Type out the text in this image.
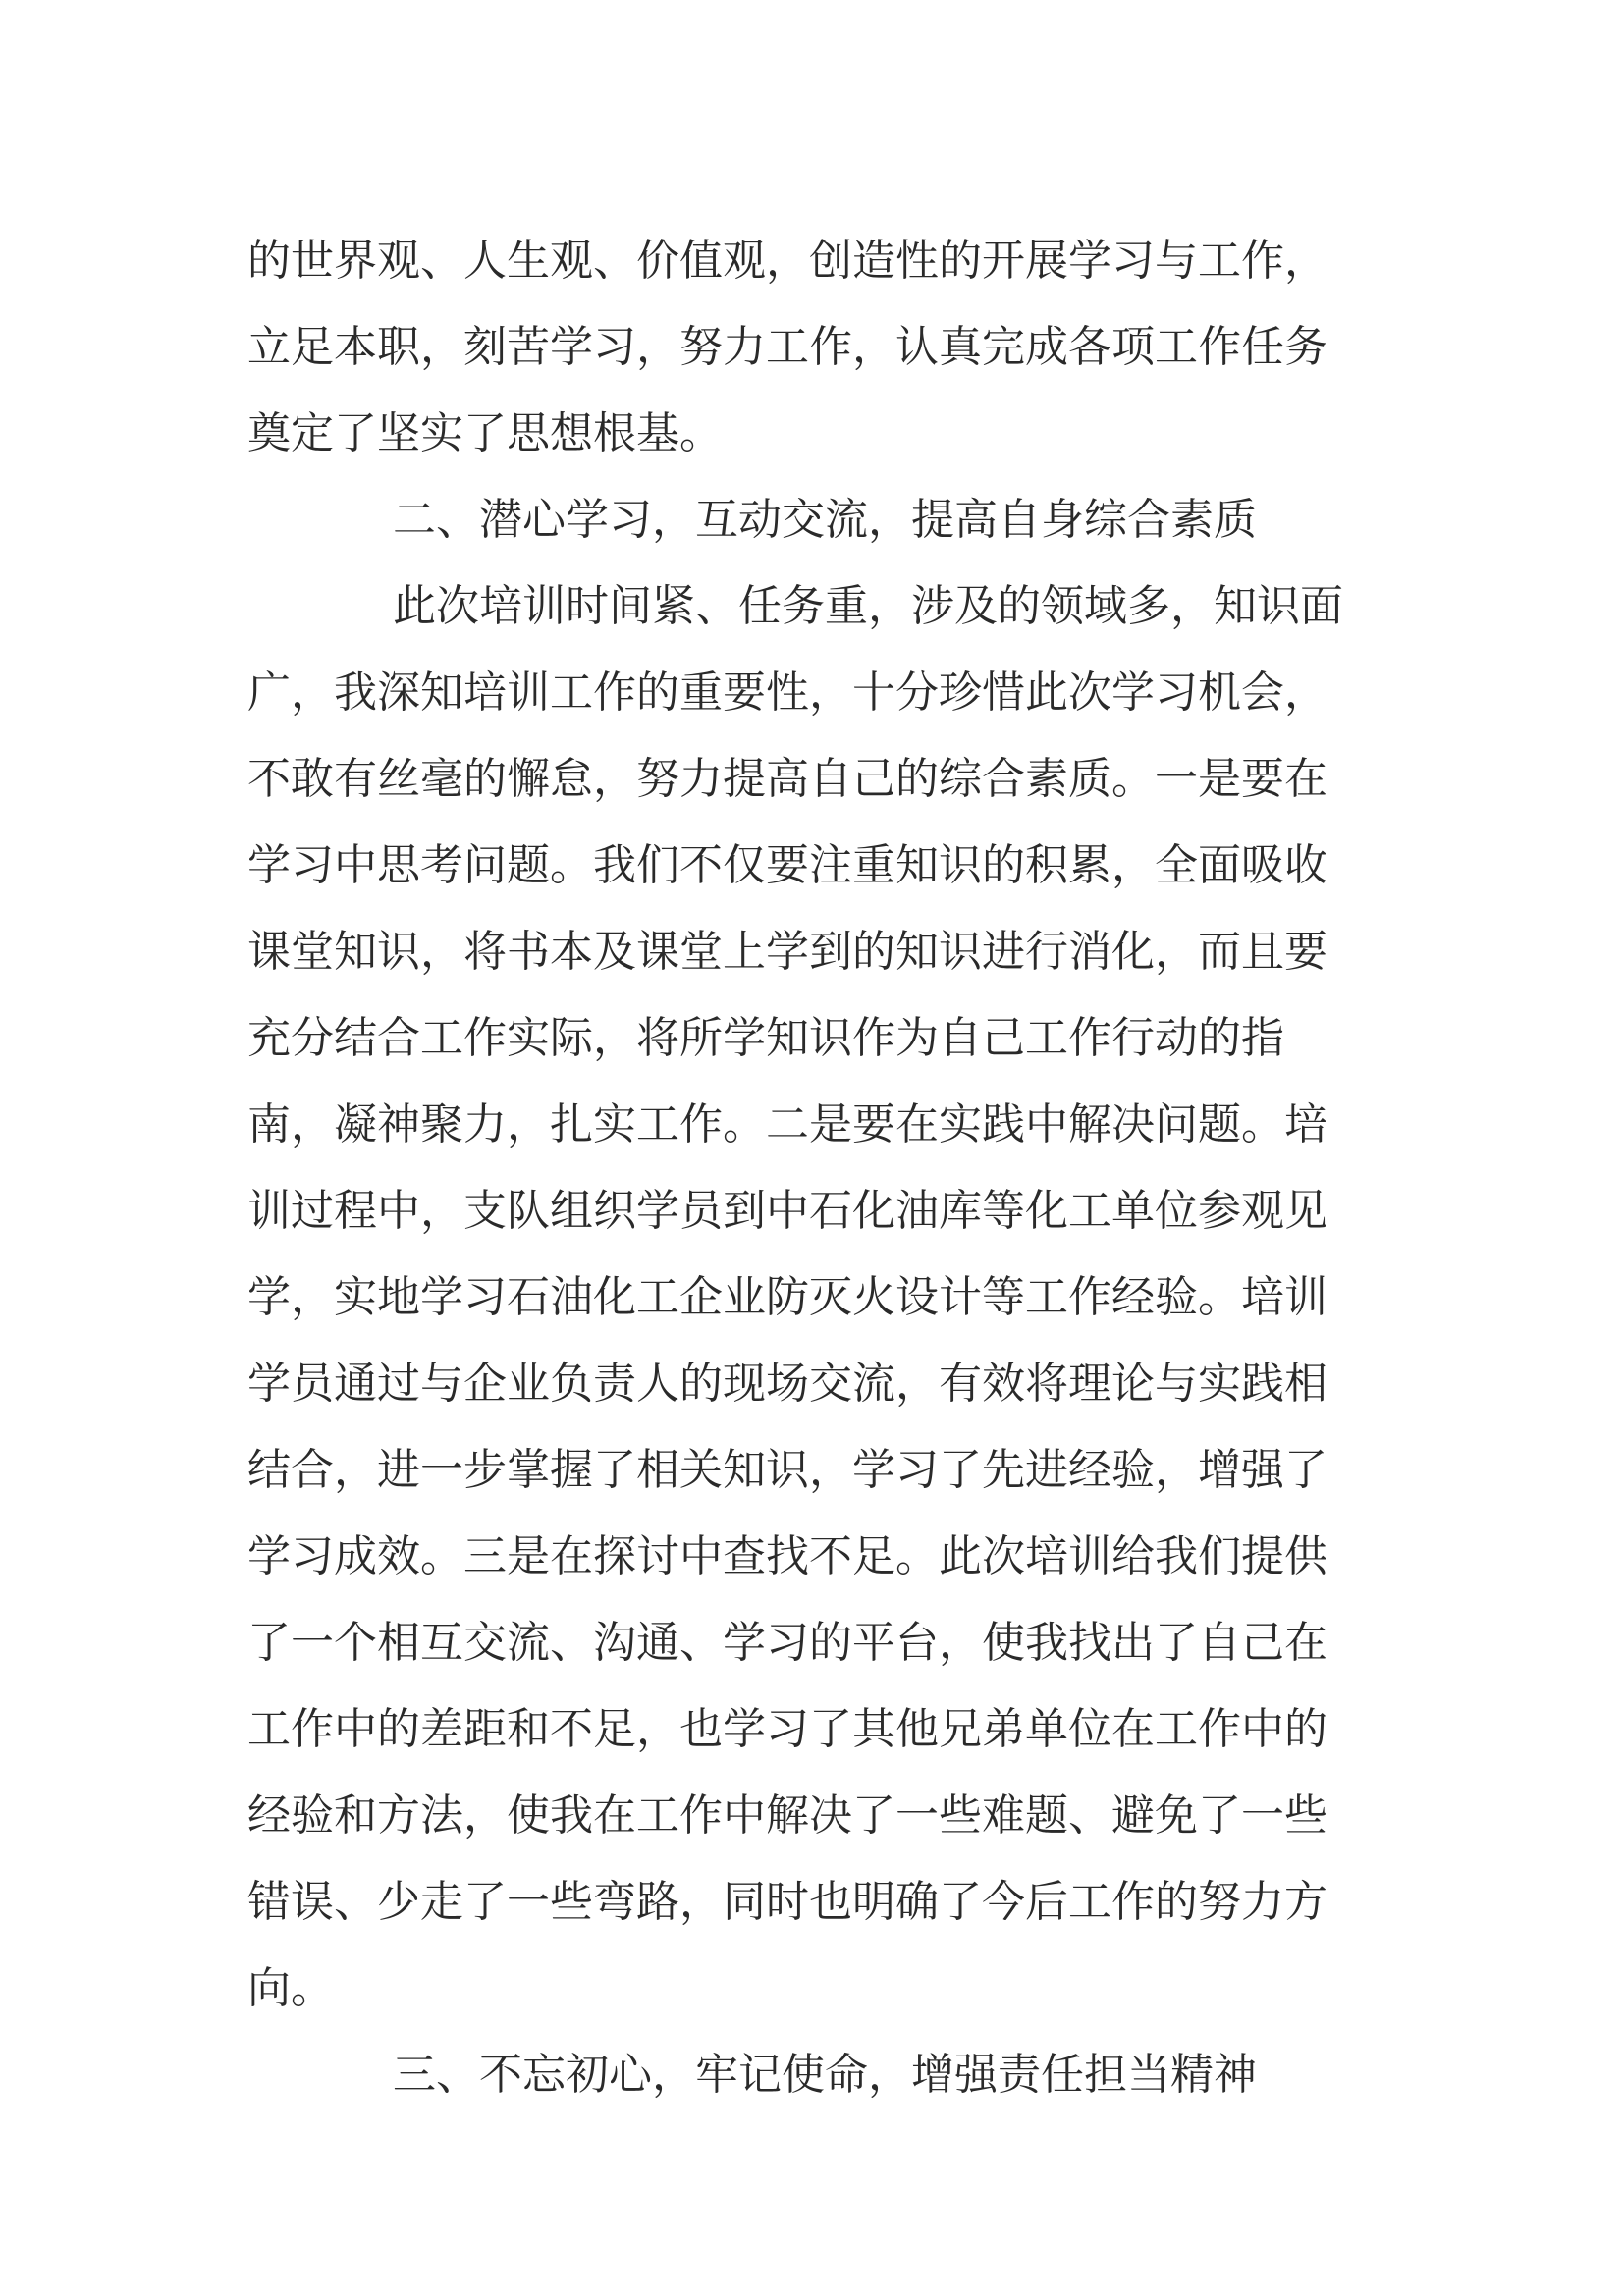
的世界观、人生观、价值观，创造性的开展学习与工作，
立足本职，刻苦学习，努力工作，认真完成各项工作任务
奠定了坚实了思想根基。
二、潜心学习，互动交流，提高自身综合素质
此次培训时间紧、任务重，涉及的领域多，知识面
广，我深知培训工作的重要性，十分珍惜此次学习机会，
不敢有丝毫的懈怠，努力提高自己的综合素质。一是要在
学习中思考问题。我们不仅要注重知识的积累，全面吸收
课堂知识，将书本及课堂上学到的知识进行消化，而且要
充分结合工作实际，将所学知识作为自己工作行动的指
南，凝神聚力，扎实工作。二是要在实践中解决问题。培
训过程中，支队组织学员到中石化油库等化工单位参观见
学，实地学习石油化工企业防灭火设计等工作经验。培训
学员通过与企业负责人的现场交流，有效将理论与实践相
结合，进一步掌握了相关知识，学习了先进经验，增强了
学习成效。三是在探讨中查找不足。此次培训给我们提供
了一个相互交流、沟通、学习的平台，使我找出了自己在
工作中的差距和不足，也学习了其他兄弟单位在工作中的
经验和方法，使我在工作中解决了一些难题、避免了一些
错误、少走了一些弯路，同时也明确了今后工作的努力方
向。
三、不忘初心，牢记使命，增强责任担当精神
